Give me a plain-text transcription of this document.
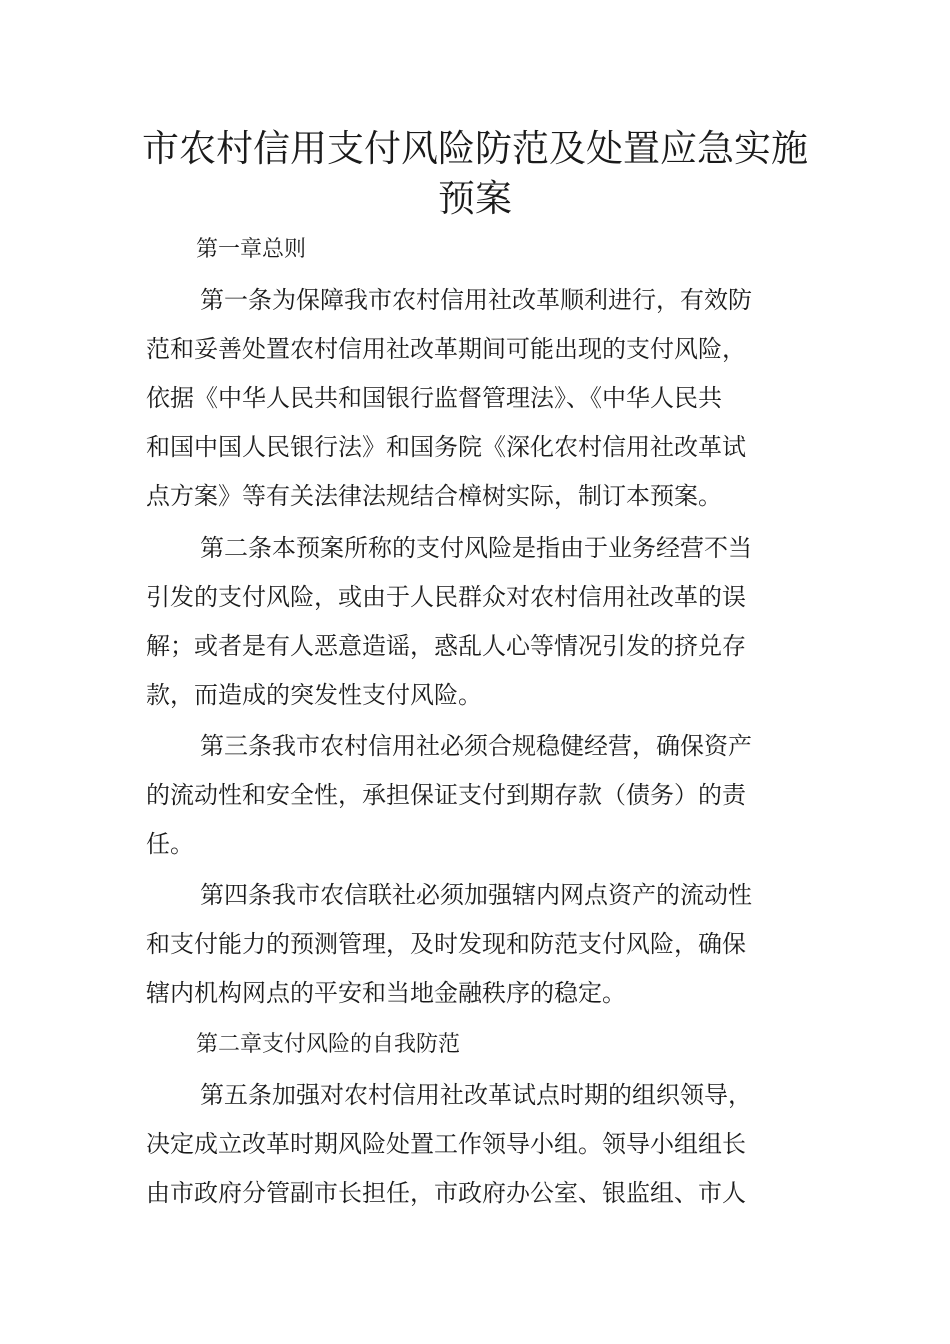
市农村信用支付风险防范及处置应急实施
预案
第一章总则
第一条为保障我市农村信用社改革顺利进行，有效防
范和妥善处置农村信用社改革期间可能出现的支付风险，
依据《中华人民共和国银行监督管理法》、《中华人民共
和国中国人民银行法》和国务院《深化农村信用社改革试
点方案》等有关法律法规结合樟树实际，制订本预案。
第二条本预案所称的支付风险是指由于业务经营不当
引发的支付风险，或由于人民群众对农村信用社改革的误
解；或者是有人恶意造谣，惑乱人心等情况引发的挤兑存
款，而造成的突发性支付风险。
第三条我市农村信用社必须合规稳健经营，确保资产
的流动性和安全性，承担保证支付到期存款（债务）的责
任。
第四条我市农信联社必须加强辖内网点资产的流动性
和支付能力的预测管理，及时发现和防范支付风险，确保
辖内机构网点的平安和当地金融秩序的稳定。
第二章支付风险的自我防范
第五条加强对农村信用社改革试点时期的组织领导，
决定成立改革时期风险处置工作领导小组。领导小组组长
由市政府分管副市长担任，市政府办公室、银监组、市人
